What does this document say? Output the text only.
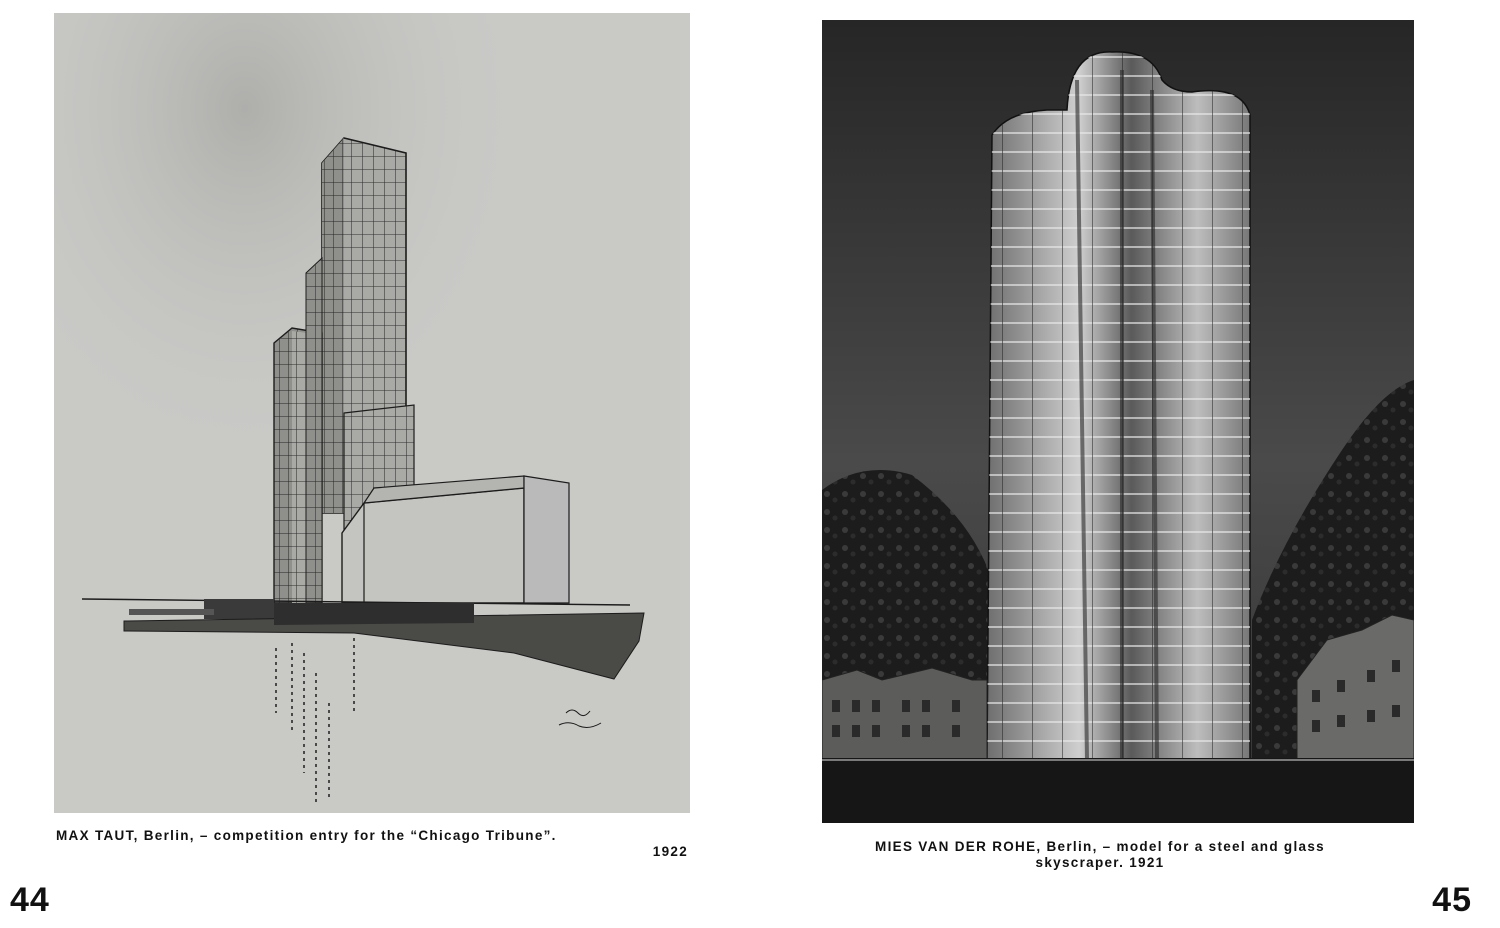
MAX TAUT, Berlin, – competition entry for the “Chicago Tribune”.
1922
44
MIES VAN DER ROHE, Berlin, – model for a steel and glass
skyscraper. 1921
45
